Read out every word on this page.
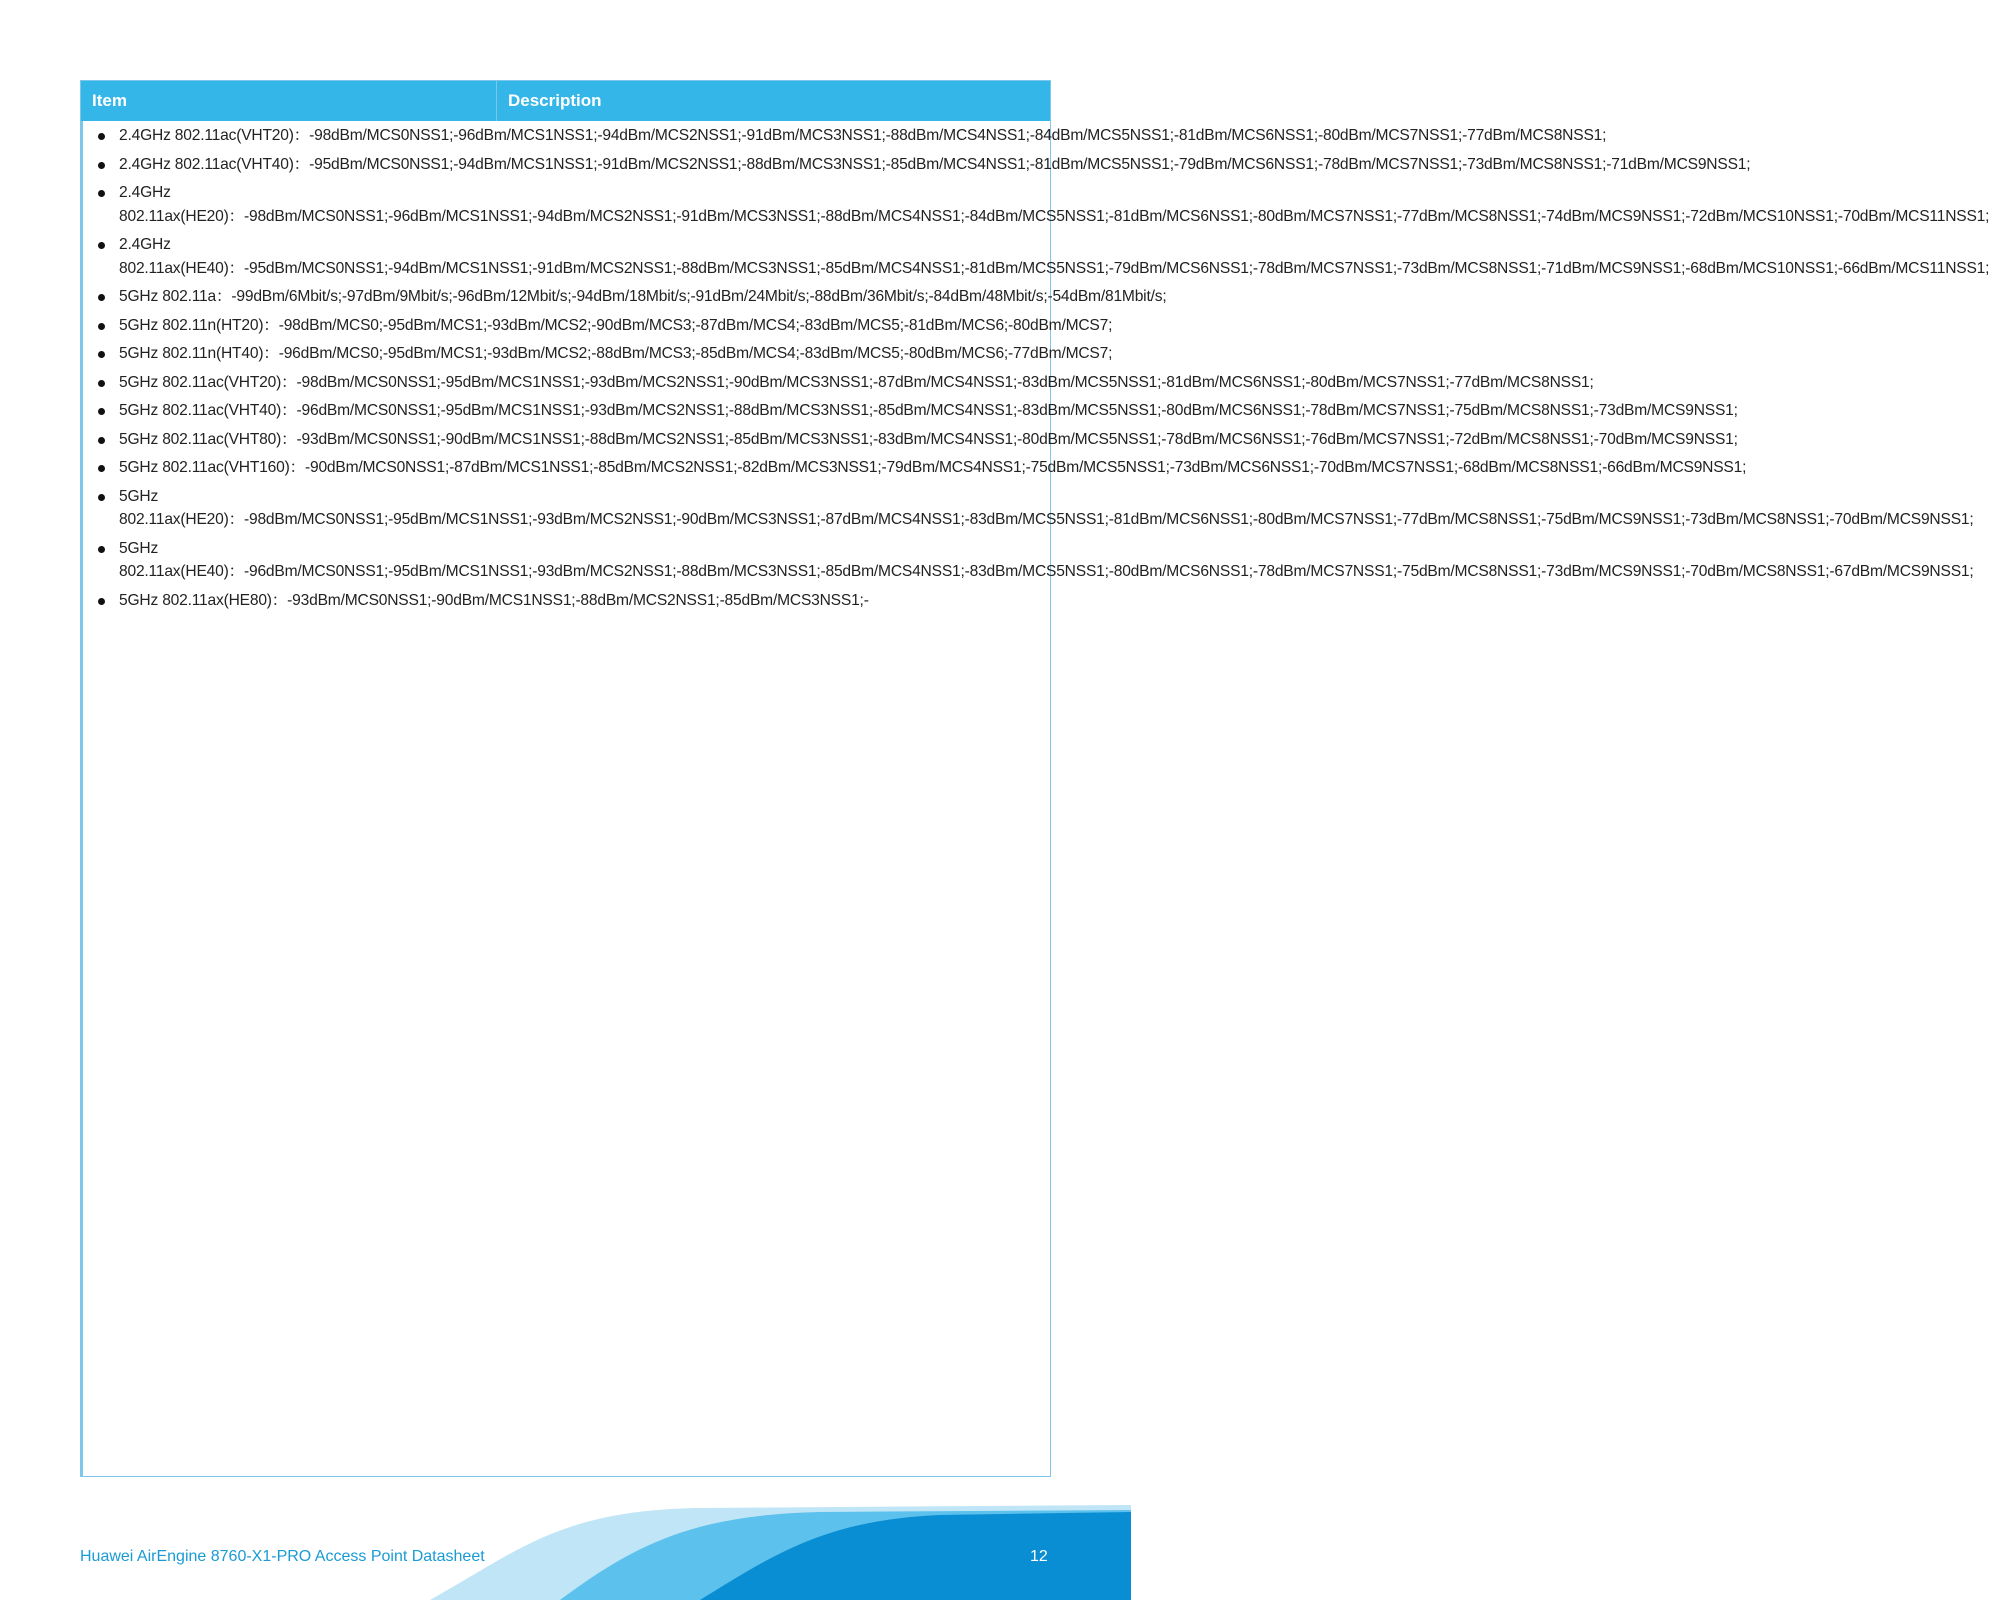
Item	Description
2.4GHz 802.11ac(VHT20)：-98dBm/MCS0NSS1;-96dBm/MCS1NSS1;-94dBm/MCS2NSS1;-91dBm/MCS3NSS1;-88dBm/MCS4NSS1;-84dBm/MCS5NSS1;-81dBm/MCS6NSS1;-80dBm/MCS7NSS1;-77dBm/MCS8NSS1;
2.4GHz 802.11ac(VHT40)：-95dBm/MCS0NSS1;-94dBm/MCS1NSS1;-91dBm/MCS2NSS1;-88dBm/MCS3NSS1;-85dBm/MCS4NSS1;-81dBm/MCS5NSS1;-79dBm/MCS6NSS1;-78dBm/MCS7NSS1;-73dBm/MCS8NSS1;-71dBm/MCS9NSS1;
2.4GHz 802.11ax(HE20)：-98dBm/MCS0NSS1;-96dBm/MCS1NSS1;-94dBm/MCS2NSS1;-91dBm/MCS3NSS1;-88dBm/MCS4NSS1;-84dBm/MCS5NSS1;-81dBm/MCS6NSS1;-80dBm/MCS7NSS1;-77dBm/MCS8NSS1;-74dBm/MCS9NSS1;-72dBm/MCS10NSS1;-70dBm/MCS11NSS1;
2.4GHz 802.11ax(HE40)：-95dBm/MCS0NSS1;-94dBm/MCS1NSS1;-91dBm/MCS2NSS1;-88dBm/MCS3NSS1;-85dBm/MCS4NSS1;-81dBm/MCS5NSS1;-79dBm/MCS6NSS1;-78dBm/MCS7NSS1;-73dBm/MCS8NSS1;-71dBm/MCS9NSS1;-68dBm/MCS10NSS1;-66dBm/MCS11NSS1;
5GHz 802.11a：-99dBm/6Mbit/s;-97dBm/9Mbit/s;-96dBm/12Mbit/s;-94dBm/18Mbit/s;-91dBm/24Mbit/s;-88dBm/36Mbit/s;-84dBm/48Mbit/s;-54dBm/81Mbit/s;
5GHz 802.11n(HT20)：-98dBm/MCS0;-95dBm/MCS1;-93dBm/MCS2;-90dBm/MCS3;-87dBm/MCS4;-83dBm/MCS5;-81dBm/MCS6;-80dBm/MCS7;
5GHz 802.11n(HT40)：-96dBm/MCS0;-95dBm/MCS1;-93dBm/MCS2;-88dBm/MCS3;-85dBm/MCS4;-83dBm/MCS5;-80dBm/MCS6;-77dBm/MCS7;
5GHz 802.11ac(VHT20)：-98dBm/MCS0NSS1;-95dBm/MCS1NSS1;-93dBm/MCS2NSS1;-90dBm/MCS3NSS1;-87dBm/MCS4NSS1;-83dBm/MCS5NSS1;-81dBm/MCS6NSS1;-80dBm/MCS7NSS1;-77dBm/MCS8NSS1;
5GHz 802.11ac(VHT40)：-96dBm/MCS0NSS1;-95dBm/MCS1NSS1;-93dBm/MCS2NSS1;-88dBm/MCS3NSS1;-85dBm/MCS4NSS1;-83dBm/MCS5NSS1;-80dBm/MCS6NSS1;-78dBm/MCS7NSS1;-75dBm/MCS8NSS1;-73dBm/MCS9NSS1;
5GHz 802.11ac(VHT80)：-93dBm/MCS0NSS1;-90dBm/MCS1NSS1;-88dBm/MCS2NSS1;-85dBm/MCS3NSS1;-83dBm/MCS4NSS1;-80dBm/MCS5NSS1;-78dBm/MCS6NSS1;-76dBm/MCS7NSS1;-72dBm/MCS8NSS1;-70dBm/MCS9NSS1;
5GHz 802.11ac(VHT160)：-90dBm/MCS0NSS1;-87dBm/MCS1NSS1;-85dBm/MCS2NSS1;-82dBm/MCS3NSS1;-79dBm/MCS4NSS1;-75dBm/MCS5NSS1;-73dBm/MCS6NSS1;-70dBm/MCS7NSS1;-68dBm/MCS8NSS1;-66dBm/MCS9NSS1;
5GHz 802.11ax(HE20)：-98dBm/MCS0NSS1;-95dBm/MCS1NSS1;-93dBm/MCS2NSS1;-90dBm/MCS3NSS1;-87dBm/MCS4NSS1;-83dBm/MCS5NSS1;-81dBm/MCS6NSS1;-80dBm/MCS7NSS1;-77dBm/MCS8NSS1;-75dBm/MCS9NSS1;-73dBm/MCS8NSS1;-70dBm/MCS9NSS1;
5GHz 802.11ax(HE40)：-96dBm/MCS0NSS1;-95dBm/MCS1NSS1;-93dBm/MCS2NSS1;-88dBm/MCS3NSS1;-85dBm/MCS4NSS1;-83dBm/MCS5NSS1;-80dBm/MCS6NSS1;-78dBm/MCS7NSS1;-75dBm/MCS8NSS1;-73dBm/MCS9NSS1;-70dBm/MCS8NSS1;-67dBm/MCS9NSS1;
5GHz 802.11ax(HE80)：-93dBm/MCS0NSS1;-90dBm/MCS1NSS1;-88dBm/MCS2NSS1;-85dBm/MCS3NSS1;-
Huawei AirEngine 8760-X1-PRO Access Point Datasheet	12
